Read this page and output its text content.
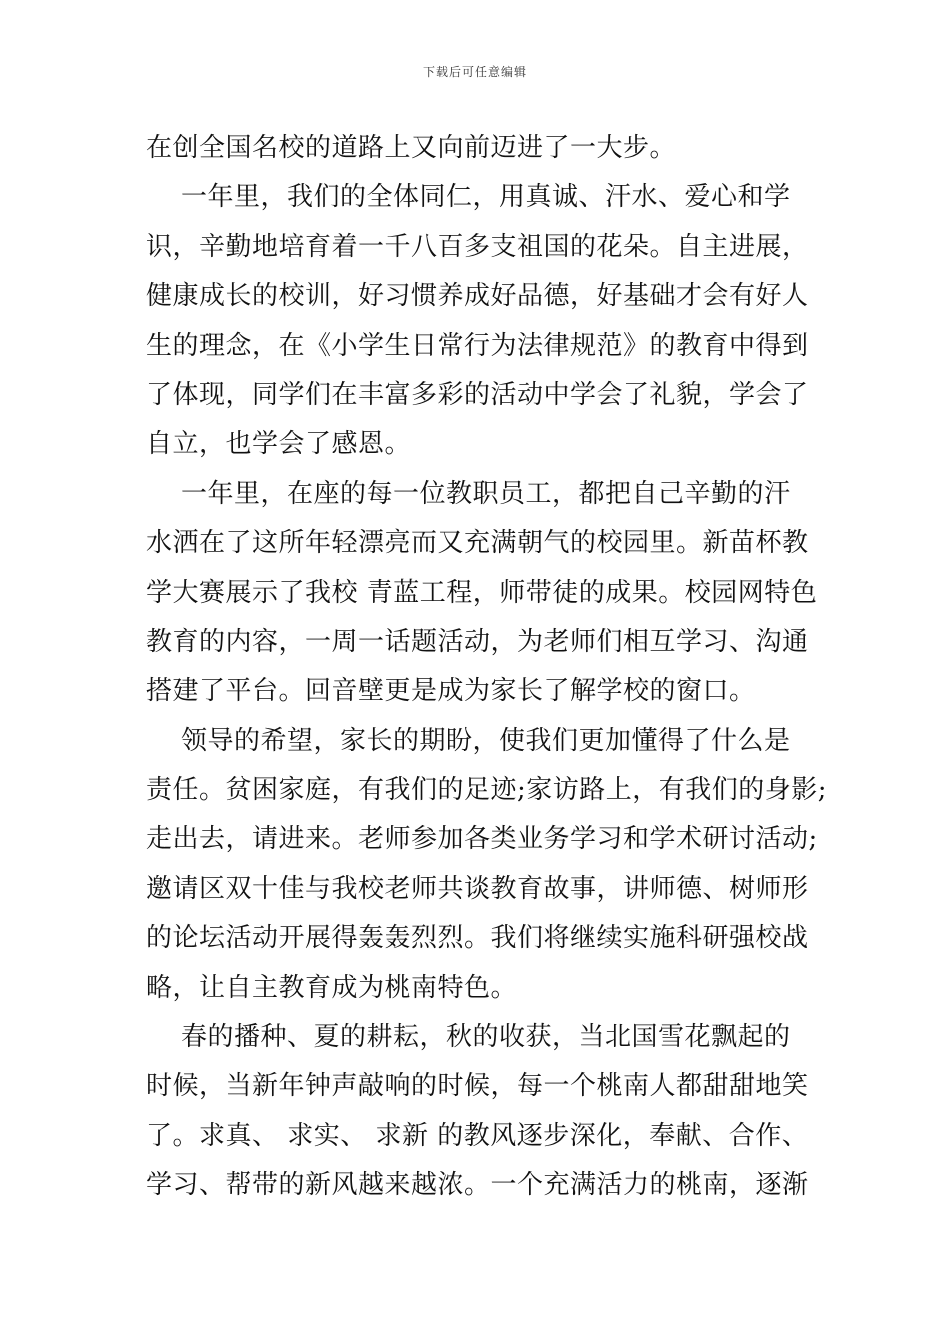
下载后可任意编辑
在创全国名校的道路上又向前迈进了一大步。
一年里，我们的全体同仁，用真诚、汗水、爱心和学
识，辛勤地培育着一千八百多支祖国的花朵。自主进展，
健康成长的校训，好习惯养成好品德，好基础才会有好人
生的理念，在《小学生日常行为法律规范》的教育中得到
了体现，同学们在丰富多彩的活动中学会了礼貌，学会了
自立，也学会了感恩。
一年里，在座的每一位教职员工，都把自己辛勤的汗
水洒在了这所年轻漂亮而又充满朝气的校园里。新苗杯教
学大赛展示了我校 青蓝工程，师带徒的成果。校园网特色
教育的内容，一周一话题活动，为老师们相互学习、沟通
搭建了平台。回音壁更是成为家长了解学校的窗口。
领导的希望，家长的期盼，使我们更加懂得了什么是
责任。贫困家庭，有我们的足迹;家访路上，有我们的身影;
走出去，请进来。老师参加各类业务学习和学术研讨活动;
邀请区双十佳与我校老师共谈教育故事，讲师德、树师形
的论坛活动开展得轰轰烈烈。我们将继续实施科研强校战
略，让自主教育成为桃南特色。
春的播种、夏的耕耘，秋的收获，当北国雪花飘起的
时候，当新年钟声敲响的时候，每一个桃南人都甜甜地笑
了。求真、 求实、 求新 的教风逐步深化，奉献、合作、
学习、帮带的新风越来越浓。一个充满活力的桃南，逐渐
